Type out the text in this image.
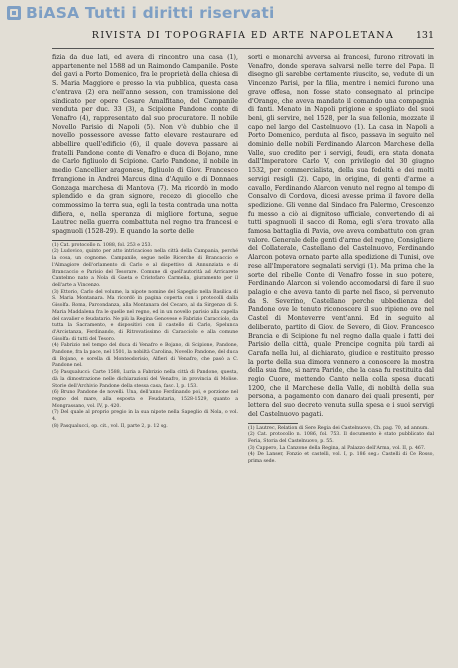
BiASA Tutti i diritti riservati
RIVISTA DI TOPOGRAFIA ED ARTE NAPOLETANA	131

fizia da due lati, ed avera di rincontro una casa (1), appartenente nel 1588 ad un Raimondo Campanile. Poste del gavi a Porto Domenico, fra le proprietà della chiesa di S. Maria Maggiore e presso la via pubblica, questa casa c'entrava (2) era nell'anno sesson, con tramissione del sindicato per opere Cesare Amalfitano, del Campanile venduta per duc. 33 (3), a Scipione Pandone conte di Venafro (4), rappresentato dal suo procuratore. Il nobile Novello Parisio di Napoli (5). Non v'è dubbio che il novello possessore avesse fatto elevare restaurare ed abbellire quell'edificio (6), il quale doveva passare ai fratelli Pandone conte di Venafro e duca di Bojano, mne de Carlo figliuolo di Scipione. Carlo Pandone, il nobile in medio Cancellier aragonese, figliuolo di Giov. Francesco frrangione in Andrei Marcus dina d'Aquilo e di Donnaes Gonzaga marchesa di Mantova (7). Ma ricordò in modo splendido e da gran signore, recezo di giocello che commossimo la terra sua, egli la testa contrada una notta difiera, e, nella speranza di migliore fortuna, segue Lautrec nella guerra combattuta nel regno tra francesi e spagnuoli (1528-29). E quando la sorte delle

(1) Cat. protocollo n. 1088, fol. 253 e 253.

(2) Ludovico, quinto per atto intricacioso nella città della Campania, perché la cosa, un cognome. Campanile, segue nelle Ricerche di Brancaccio e l'Almagiore dell'orlamento di Carlo e al dispettivo di Annunziata e di Brancaccio e Parisio del Tesorare. Comune di quell'autorità ad Arricarete Cantelmo nato a Nola di Gaeta e Cristofaro Carmelia, giuramento per il dell'arte a Vincenzo.

(3) Ettorio, Carlo del volume, la nipote nomine del Sapeglio nella Basilica di S. Maria Montanara. Ma ricordò in pagina coperta con i protocolli dalla Gisolfa. Roma, Parcondanza, alla Montanara del Cecaro, al da Sirgenzo di S. Maria Maddalena fra le quelle nel regno, ed in un novello parisio alla capella del cavalier e feudatario. Ne più la Regina Genovese e Fabrizio Caracciolo, da tutta la Sacramento, e dispositivi con il castello di Carlo, Spelunca d'Arcistanza, Ferdinando, di Ritrovatissimo di Caracciolo e alla comune Gisolfa: di tutti del Tesoro.

(4) Fabrizio nel tempo del duca di Venafro e Bojano, di Scipione, Pandone, Pandone, fra la pace, nel 1501, la nobiltà Carolina, Novello Pandone, del duca di Bojano, e sorella di Monteodorisio, Alfieri di Venafro, che pasò a C. Pandone nel.

(5) Pasqualucci: Carte 1588, Luria a Fabrizio nella città di Pandone, questa, dà la dimostrazione nelle dichiarazioni del Venafro, in provincia di Molise. Storie dell'Archivio Pandone della stessa casa, fasc. I, p. 153.

(6) Bruno Pandone de novelli. Una, dell'anno Ferdinando poi, e porzione nel regno del mare, alla esposta e Feudataria, 1528-1529, quanto a Mongrassano, vol. IV, p. 420.

(7) Del quale al proprio pregio in la sua nipote nella Sapeglio di Nola, o vol. 4.

(8) Pasqualucci, op. cit., vol. II, parte 2, p. 12 sg.

sorti e monarchi avversa ai francesi, furono ritrovati in Venafro, donde sperava salvarsi nelle terre del Papa. Il disegno gli sarebbe certamente riuscito, se, vedute di un Vincenzo Parisi, per la filia, mentre i nemici furono una grave offesa, non fosse stato consegnato al principe d'Orange, che aveva mandato il comando una compagnia di fanti. Menato in Napoli prigione e spogliato del suoi beni, gli servire, nel 1528, per la sua fellonia, mozzate il capo nel largo del Castelnuovo (1). La casa in Napoli a Porto Domenico, perduta al fisco, passava in seguito nel dominio delle nobili Ferdinando Alarcon Marchese della Valle, suo credito per i servigi, feudi, era stata donata dall'Imperatore Carlo V, con privilegio del 30 giugno 1532, per commercialista, della sua fedeltà e dei molti servigi resigli (2). Capo, in origine, di genti d'arme a cavallo, Ferdinando Alarcon venuto nel regno al tempo di Consalvo di Cordova, dicesi avesse prima il favore della spedizione. Gli venne dal Sindaco fra Palermo, Crescenzo fu messo a ciò ai dignitoso ufficiale, convertendo di ai tutti spagnuoli il sacco di Roma, egli s'era trovato alla famosa battaglia di Pavia, ove aveva combattuto con gran valore. Generale delle genti d'arme del regno, Consigliere del Collaterale, Castellano del Castelnuovo, Ferdinando Alarcon poteva ornato parte alla spedizione di Tunisi, ove rese all'Imperatore segnalati servigi (1). Ma prima che la sorte del ribelle Conte di Venafro fosse in suo potere, Ferdinando Alarcon si volendo accomodarsi di fare il suo palagio e che aveva tanto di parte nel fisco, si pervenuto da S. Severino, Castellano perche ubbedienza del Pandone ove le tenuto riconoscere il suo ripieno ove nel Castel di Monteverre vent'anni. Ed in seguito al deliberato, partito di Giov. de Severo, di Giov. Francesco Brancia e di Scipione fu nel regno dalla quale i fatti dei Parisio della città, quale Prencipe cognita più tardi ai Carafa nella lui, al dichiarato, giudice e restituito presso la porte della sua dimora vennero a conoscere la mostra della sua fine, si narra Paride, che la casa fu restituita dal regio Cuore, mettendo Canto nella colla spesa ducati 1200, che il Marchese della Valle, di nobiltà della sua persona, a pagamento con danaro dei quali presenti, per lettera del suo decreto venuta sulla spesa e i suoi servigi del Castelnuovo pagati.

(1) Lautrec, Relation di Sere Regia dei Castelnuovo, Ch. pag. 70, ad annum.

(2) Cat. protocollo n. 1086, fol. 753. Il documento è stato pubblicato dal Feria, Storia del Castelnuovo, p. 55.

(3) Cappero, La Canzone della Regina, al Palazzo dell'Arma, vol. II, p. 467.

(4) De Lanser, Fonzio et castelli, vol. I, p. 186 seg.: Castelli di Ce Rosso, prima sede.
